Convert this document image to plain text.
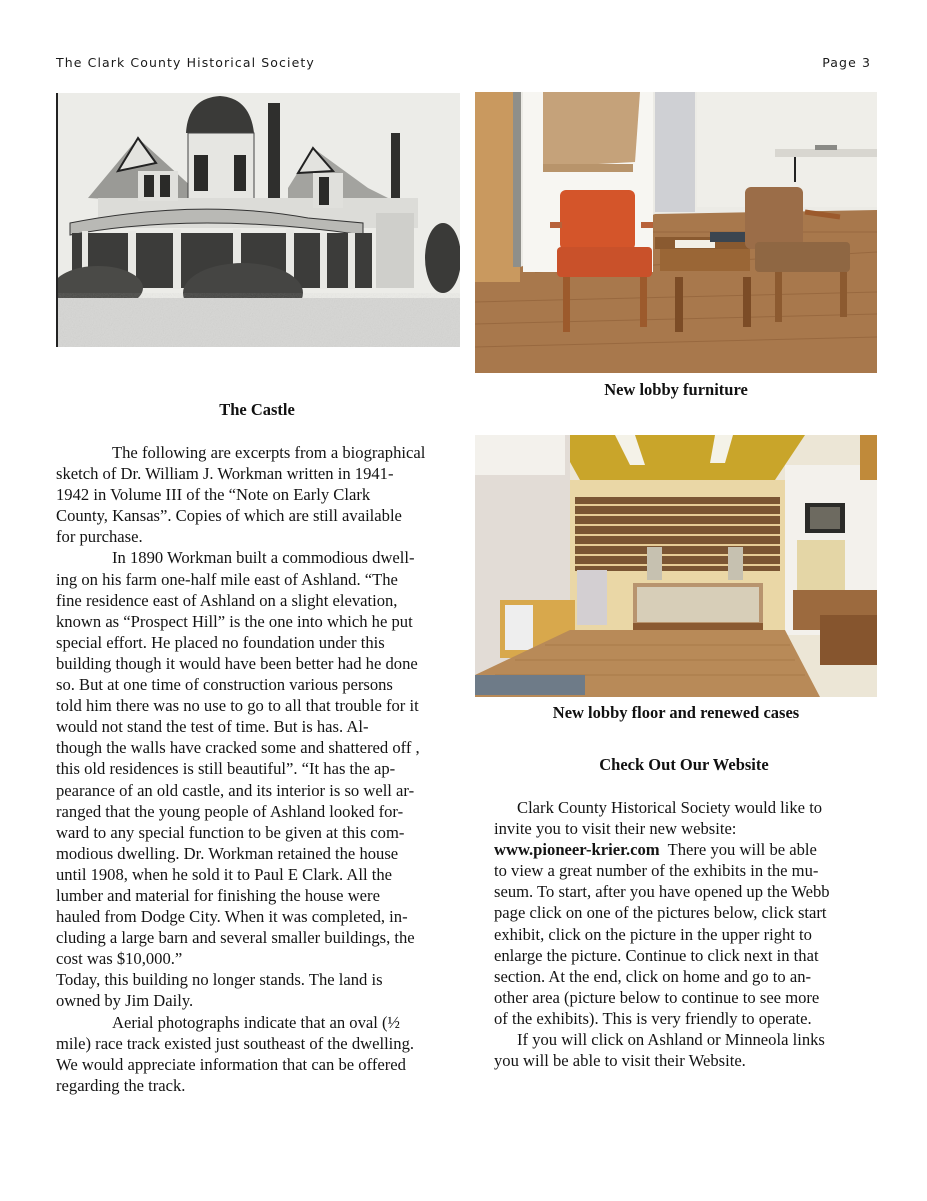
The Clark County Historical Society	Page 3
New lobby furniture
The Castle
New lobby floor and renewed cases

The following are excerpts from a biographical

sketch of Dr. William J. Workman written in 1941-

1942 in Volume III of the “Note on Early Clark

County, Kansas”. Copies of which are still available

for purchase.

In 1890 Workman built a commodious dwell-

ing on his farm one-half mile east of Ashland. “The

fine residence east of Ashland on a slight elevation,

known as “Prospect Hill” is the one into which he put

special effort. He placed no foundation under this

building though it would have been better had he done

so. But at one time of construction various persons

told him there was no use to go to all that trouble for it

would not stand the test of time. But is has. Al-

though the walls have cracked some and shattered off ,

this old residences is still beautiful”. “It has the ap-

pearance of an old castle, and its interior is so well ar-

ranged that the young people of Ashland looked for-

ward to any special function to be given at this com-

modious dwelling. Dr. Workman retained the house

until 1908, when he sold it to Paul E Clark. All the

lumber and material for finishing the house were

hauled from Dodge City. When it was completed, in-

cluding a large barn and several smaller buildings, the

cost was $10,000.”

Today, this building no longer stands. The land is

owned by Jim Daily.

Aerial photographs indicate that an oval (½

mile) race track existed just southeast of the dwelling.

We would appreciate information that can be offered

regarding the track.

Check Out Our Website

Clark County Historical Society would like to

invite you to visit their new website:

www.pioneer-krier.com  There you will be able

to view a great number of the exhibits in the mu-

seum. To start, after you have opened up the Webb

page click on one of the pictures below, click start

exhibit, click on the picture in the upper right to

enlarge the picture. Continue to click next in that

section. At the end, click on home and go to an-

other area (picture below to continue to see more

of the exhibits). This is very friendly to operate.

If you will click on Ashland or Minneola links

you will be able to visit their Website.
